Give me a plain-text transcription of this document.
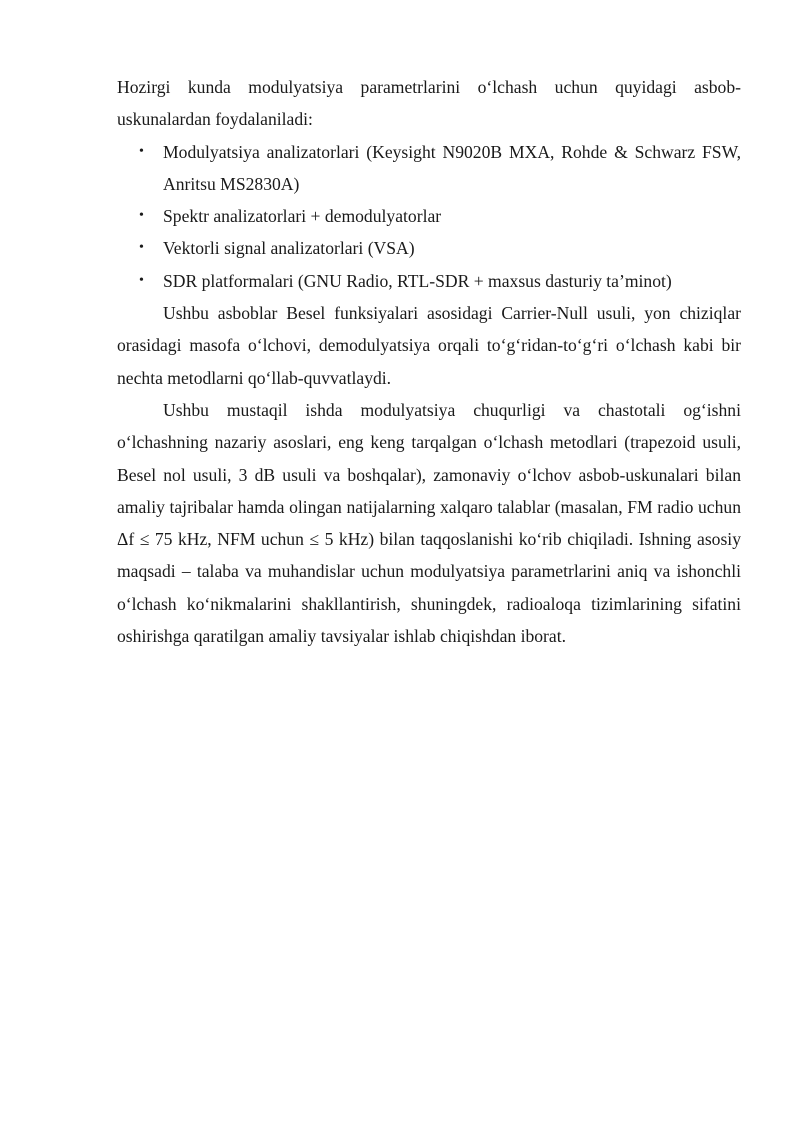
Hozirgi kunda modulyatsiya parametrlarini o‘lchash uchun quyidagi asbob-uskunalardan foydalaniladi:

• Modulyatsiya analizatorlari (Keysight N9020B MXA, Rohde & Schwarz FSW, Anritsu MS2830A)
• Spektr analizatorlari + demodulyatorlar
• Vektorli signal analizatorlari (VSA)
• SDR platformalari (GNU Radio, RTL-SDR + maxsus dasturiy ta’minot)

Ushbu asboblar Besel funksiyalari asosidagi Carrier-Null usuli, yon chiziqlar orasidagi masofa o‘lchovi, demodulyatsiya orqali to‘g‘ridan-to‘g‘ri o‘lchash kabi bir nechta metodlarni qo‘llab-quvvatlaydi.

Ushbu mustaqil ishda modulyatsiya chuqurligi va chastotali og‘ishni o‘lchashning nazariy asoslari, eng keng tarqalgan o‘lchash metodlari (trapezoid usuli, Besel nol usuli, 3 dB usuli va boshqalar), zamonaviy o‘lchov asbob-uskunalari bilan amaliy tajribalar hamda olingan natijalarning xalqaro talablar (masalan, FM radio uchun Δf ≤ 75 kHz, NFM uchun ≤ 5 kHz) bilan taqqoslanishi ko‘rib chiqiladi. Ishning asosiy maqsadi – talaba va muhandislar uchun modulyatsiya parametrlarini aniq va ishonchli o‘lchash ko‘nikmalarini shakllantirish, shuningdek, radioaloqa tizimlarining sifatini oshirishga qaratilgan amaliy tavsiyalar ishlab chiqishdan iborat.
